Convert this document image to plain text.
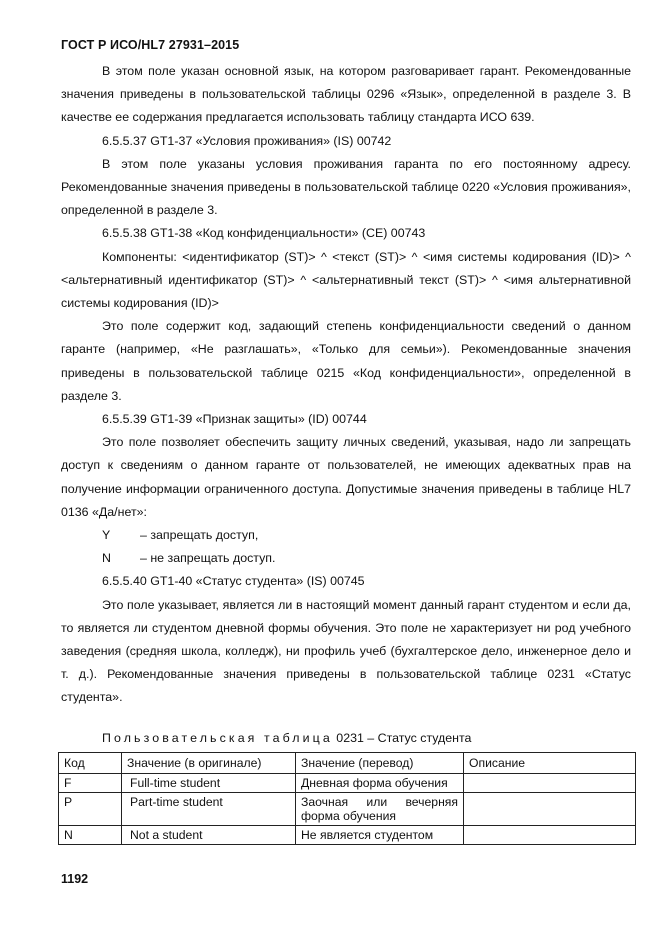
ГОСТ Р ИСО/HL7 27931–2015

В этом поле указан основной язык, на котором разговаривает гарант. Рекомендованные значения приведены в пользовательской таблицы 0296 «Язык», определенной в разделе 3. В качестве ее содержания предлагается использовать таблицу стандарта ИСО 639.

6.5.5.37 GT1-37 «Условия проживания» (IS) 00742

В этом поле указаны условия проживания гаранта по его постоянному адресу. Рекомендованные значения приведены в пользовательской таблице 0220 «Условия проживания», определенной в разделе 3.

6.5.5.38 GT1-38 «Код конфиденциальности» (СЕ) 00743

Компоненты: <идентификатор (ST)> ^ <текст (ST)> ^ <имя системы кодирования (ID)> ^ <альтернативный идентификатор (ST)> ^ <альтернативный текст (ST)> ^ <имя альтернативной системы кодирования (ID)>

Это поле содержит код, задающий степень конфиденциальности сведений о данном гаранте (например, «Не разглашать», «Только для семьи»). Рекомендованные значения приведены в пользовательской таблице 0215 «Код конфиденциальности», определенной в разделе 3.

6.5.5.39 GT1-39 «Признак защиты» (ID) 00744

Это поле позволяет обеспечить защиту личных сведений, указывая, надо ли запрещать доступ к сведениям о данном гаранте от пользователей, не имеющих адекватных прав на получение информации ограниченного доступа. Допустимые значения приведены в таблице HL7 0136 «Да/нет»:

Y	– запрещать доступ,
N	– не запрещать доступ.

6.5.5.40 GT1-40 «Статус студента» (IS) 00745

Это поле указывает, является ли в настоящий момент данный гарант студентом и если да, то является ли студентом дневной формы обучения. Это поле не характеризует ни род учебного заведения (средняя школа, колледж), ни профиль учеб (бухгалтерское дело, инженерное дело и т. д.). Рекомендованные значения приведены в пользовательской таблице 0231 «Статус студента».

Пользовательская таблица 0231 – Статус студента
Код	Значение (в оригинале)	Значение (перевод)	Описание
F	Full-time student	Дневная форма обучения	
P	Part-time student	Заочная или вечерняя форма обучения	
N	Not a student	Не является студентом	
1192
